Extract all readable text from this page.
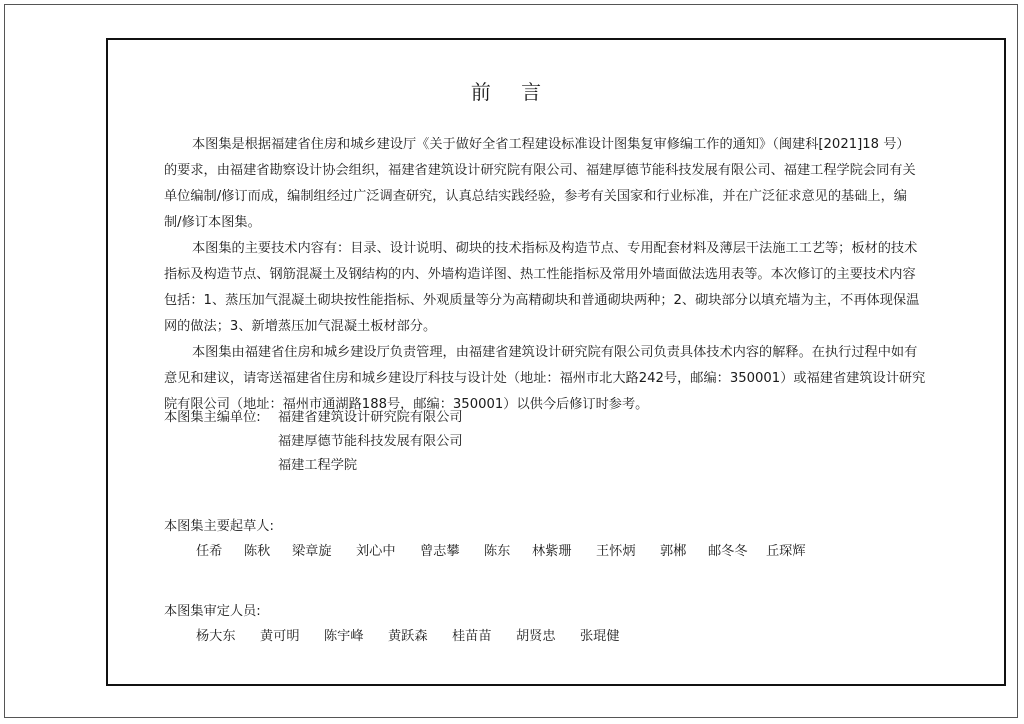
前 言

本图集是根据福建省住房和城乡建设厅《关于做好全省工程建设标准设计图集复审修编工作的通知》（闽建科[2021]18 号）

的要求，由福建省勘察设计协会组织，福建省建筑设计研究院有限公司、福建厚德节能科技发展有限公司、福建工程学院会同有关

单位编制/修订而成，编制组经过广泛调查研究，认真总结实践经验，参考有关国家和行业标准，并在广泛征求意见的基础上，编

制/修订本图集。

本图集的主要技术内容有：目录、设计说明、砌块的技术指标及构造节点、专用配套材料及薄层干法施工工艺等；板材的技术

指标及构造节点、钢筋混凝土及钢结构的内、外墙构造详图、热工性能指标及常用外墙面做法选用表等。本次修订的主要技术内容

包括：1、蒸压加气混凝土砌块按性能指标、外观质量等分为高精砌块和普通砌块两种；2、砌块部分以填充墙为主，不再体现保温

网的做法；3、新增蒸压加气混凝土板材部分。

本图集由福建省住房和城乡建设厅负责管理，由福建省建筑设计研究院有限公司负责具体技术内容的解释。在执行过程中如有

意见和建议，请寄送福建省住房和城乡建设厅科技与设计处（地址：福州市北大路242号，邮编：350001）或福建省建筑设计研究

院有限公司（地址：福州市通湖路188号，邮编：350001）以供今后修订时参考。

本图集主编单位: 福建省建筑设计研究院有限公司
福建厚德节能科技发展有限公司
福建工程学院
本图集主要起草人:
任希	陈秋	梁章旋	刘心中	曾志攀	陈东	林紫珊	王怀炳	郭郴	邮冬冬	丘琛辉
本图集审定人员:
杨大东	黄可明	陈宇峰	黄跃森	桂苗苗	胡贤忠	张琨健
